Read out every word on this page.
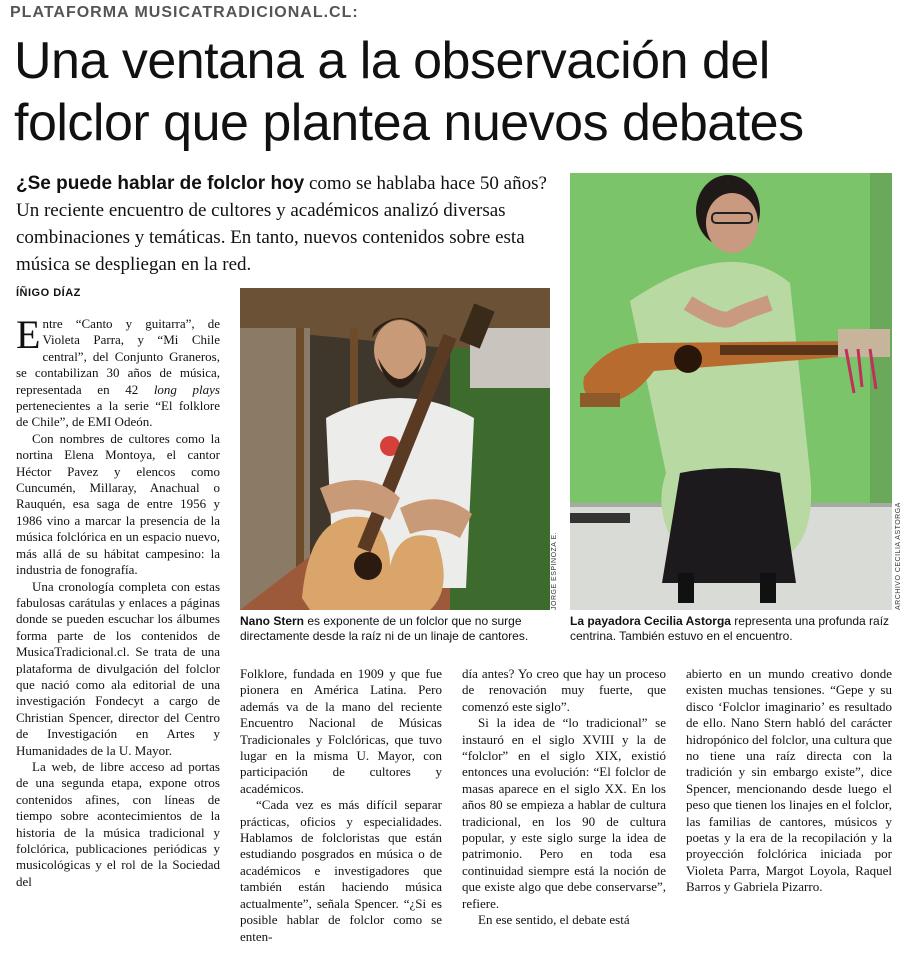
PLATAFORMA MUSICATRADICIONAL.CL:
Una ventana a la observación del
folclor que plantea nuevos debates
¿Se puede hablar de folclor hoy como se hablaba hace 50 años? Un reciente encuentro de cultores y académicos analizó diversas combinaciones y temáticas. En tanto, nuevos contenidos sobre esta música se despliegan en la red.
ÍÑIGO DÍAZ

Entre “Canto y guitarra”, de Violeta Parra, y “Mi Chile central”, del Conjunto Graneros, se contabilizan 30 años de música, representada en 42 long plays pertenecientes a la serie “El folklore de Chile”, de EMI Odeón.

Con nombres de cultores como la nortina Elena Montoya, el cantor Héctor Pavez y elencos como Cuncumén, Millaray, Anachual o Rauquén, esa saga de entre 1956 y 1986 vino a marcar la presencia de la música folclórica en un espacio nuevo, más allá de su hábitat campesino: la industria de fonografía.

Una cronología completa con estas fabulosas carátulas y enlaces a páginas donde se pueden escuchar los álbumes forma parte de los contenidos de MusicaTradicional.cl. Se trata de una plataforma de divulgación del folclor que nació como ala editorial de una investigación Fondecyt a cargo de Christian Spencer, director del Centro de Investigación en Artes y Humanidades de la U. Mayor.

La web, de libre acceso ad portas de una segunda etapa, expone otros contenidos afines, con líneas de tiempo sobre acontecimientos de la historia de la música tradicional y folclórica, publicaciones periódicas y musicológicas y el rol de la Sociedad del

JORGE ESPINOZA E.	ARCHIVO CECILIA ASTORGA
Nano Stern es exponente de un folclor que no surge directamente desde la raíz ni de un linaje de cantores.
La payadora Cecilia Astorga representa una profunda raíz centrina. También estuvo en el encuentro.

Folklore, fundada en 1909 y que fue pionera en América Latina. Pero además va de la mano del reciente Encuentro Nacional de Músicas Tradicionales y Folclóricas, que tuvo lugar en la misma U. Mayor, con participación de cultores y académicos.

“Cada vez es más difícil separar prácticas, oficios y especialidades. Hablamos de folcloristas que están estudiando posgrados en música o de académicos e investigadores que también están haciendo música actualmente”, señala Spencer. “¿Si es posible hablar de folclor como se enten-

día antes? Yo creo que hay un proceso de renovación muy fuerte, que comenzó este siglo”.

Si la idea de “lo tradicional” se instauró en el siglo XVIII y la de “folclor” en el siglo XIX, existió entonces una evolución: “El folclor de masas aparece en el siglo XX. En los años 80 se empieza a hablar de cultura tradicional, en los 90 de cultura popular, y este siglo surge la idea de patrimonio. Pero en toda esa continuidad siempre está la noción de que existe algo que debe conservarse”, refiere.

En ese sentido, el debate está

abierto en un mundo creativo donde existen muchas tensiones. “Gepe y su disco ‘Folclor imaginario’ es resultado de ello. Nano Stern habló del carácter hidropónico del folclor, una cultura que no tiene una raíz directa con la tradición y sin embargo existe”, dice Spencer, mencionando desde luego el peso que tienen los linajes en el folclor, las familias de cantores, músicos y poetas y la era de la recopilación y la proyección folclórica iniciada por Violeta Parra, Margot Loyola, Raquel Barros y Gabriela Pizarro.
